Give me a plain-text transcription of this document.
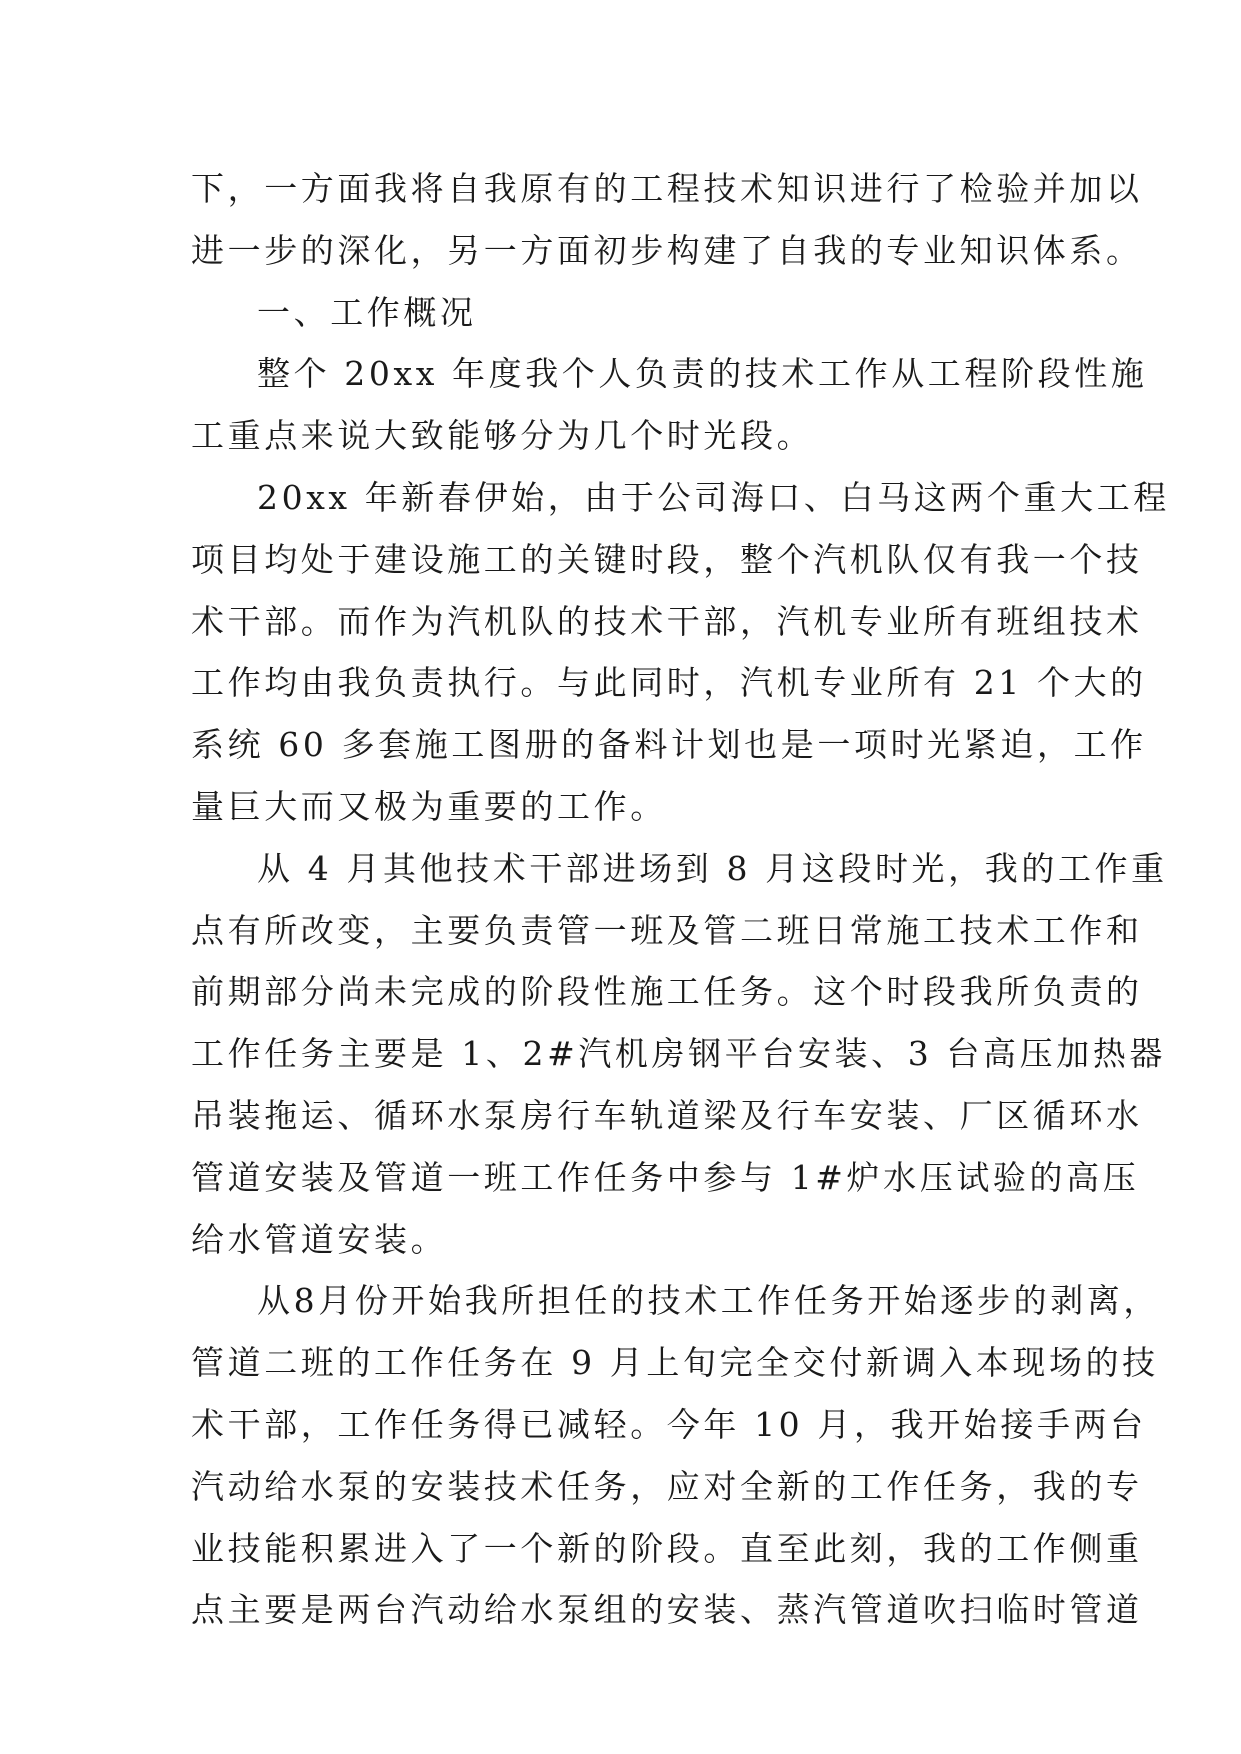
下，一方面我将自我原有的工程技术知识进行了检验并加以
进一步的深化，另一方面初步构建了自我的专业知识体系。
一、工作概况
整个 20xx 年度我个人负责的技术工作从工程阶段性施
工重点来说大致能够分为几个时光段。
20xx 年新春伊始，由于公司海口、白马这两个重大工程
项目均处于建设施工的关键时段，整个汽机队仅有我一个技
术干部。而作为汽机队的技术干部，汽机专业所有班组技术
工作均由我负责执行。与此同时，汽机专业所有 21 个大的
系统 60 多套施工图册的备料计划也是一项时光紧迫，工作
量巨大而又极为重要的工作。
从 4 月其他技术干部进场到 8 月这段时光，我的工作重
点有所改变，主要负责管一班及管二班日常施工技术工作和
前期部分尚未完成的阶段性施工任务。这个时段我所负责的
工作任务主要是 1、2#汽机房钢平台安装、3 台高压加热器
吊装拖运、循环水泵房行车轨道梁及行车安装、厂区循环水
管道安装及管道一班工作任务中参与 1#炉水压试验的高压
给水管道安装。
从8月份开始我所担任的技术工作任务开始逐步的剥离，
管道二班的工作任务在 9 月上旬完全交付新调入本现场的技
术干部，工作任务得已减轻。今年 10 月，我开始接手两台
汽动给水泵的安装技术任务，应对全新的工作任务，我的专
业技能积累进入了一个新的阶段。直至此刻，我的工作侧重
点主要是两台汽动给水泵组的安装、蒸汽管道吹扫临时管道
